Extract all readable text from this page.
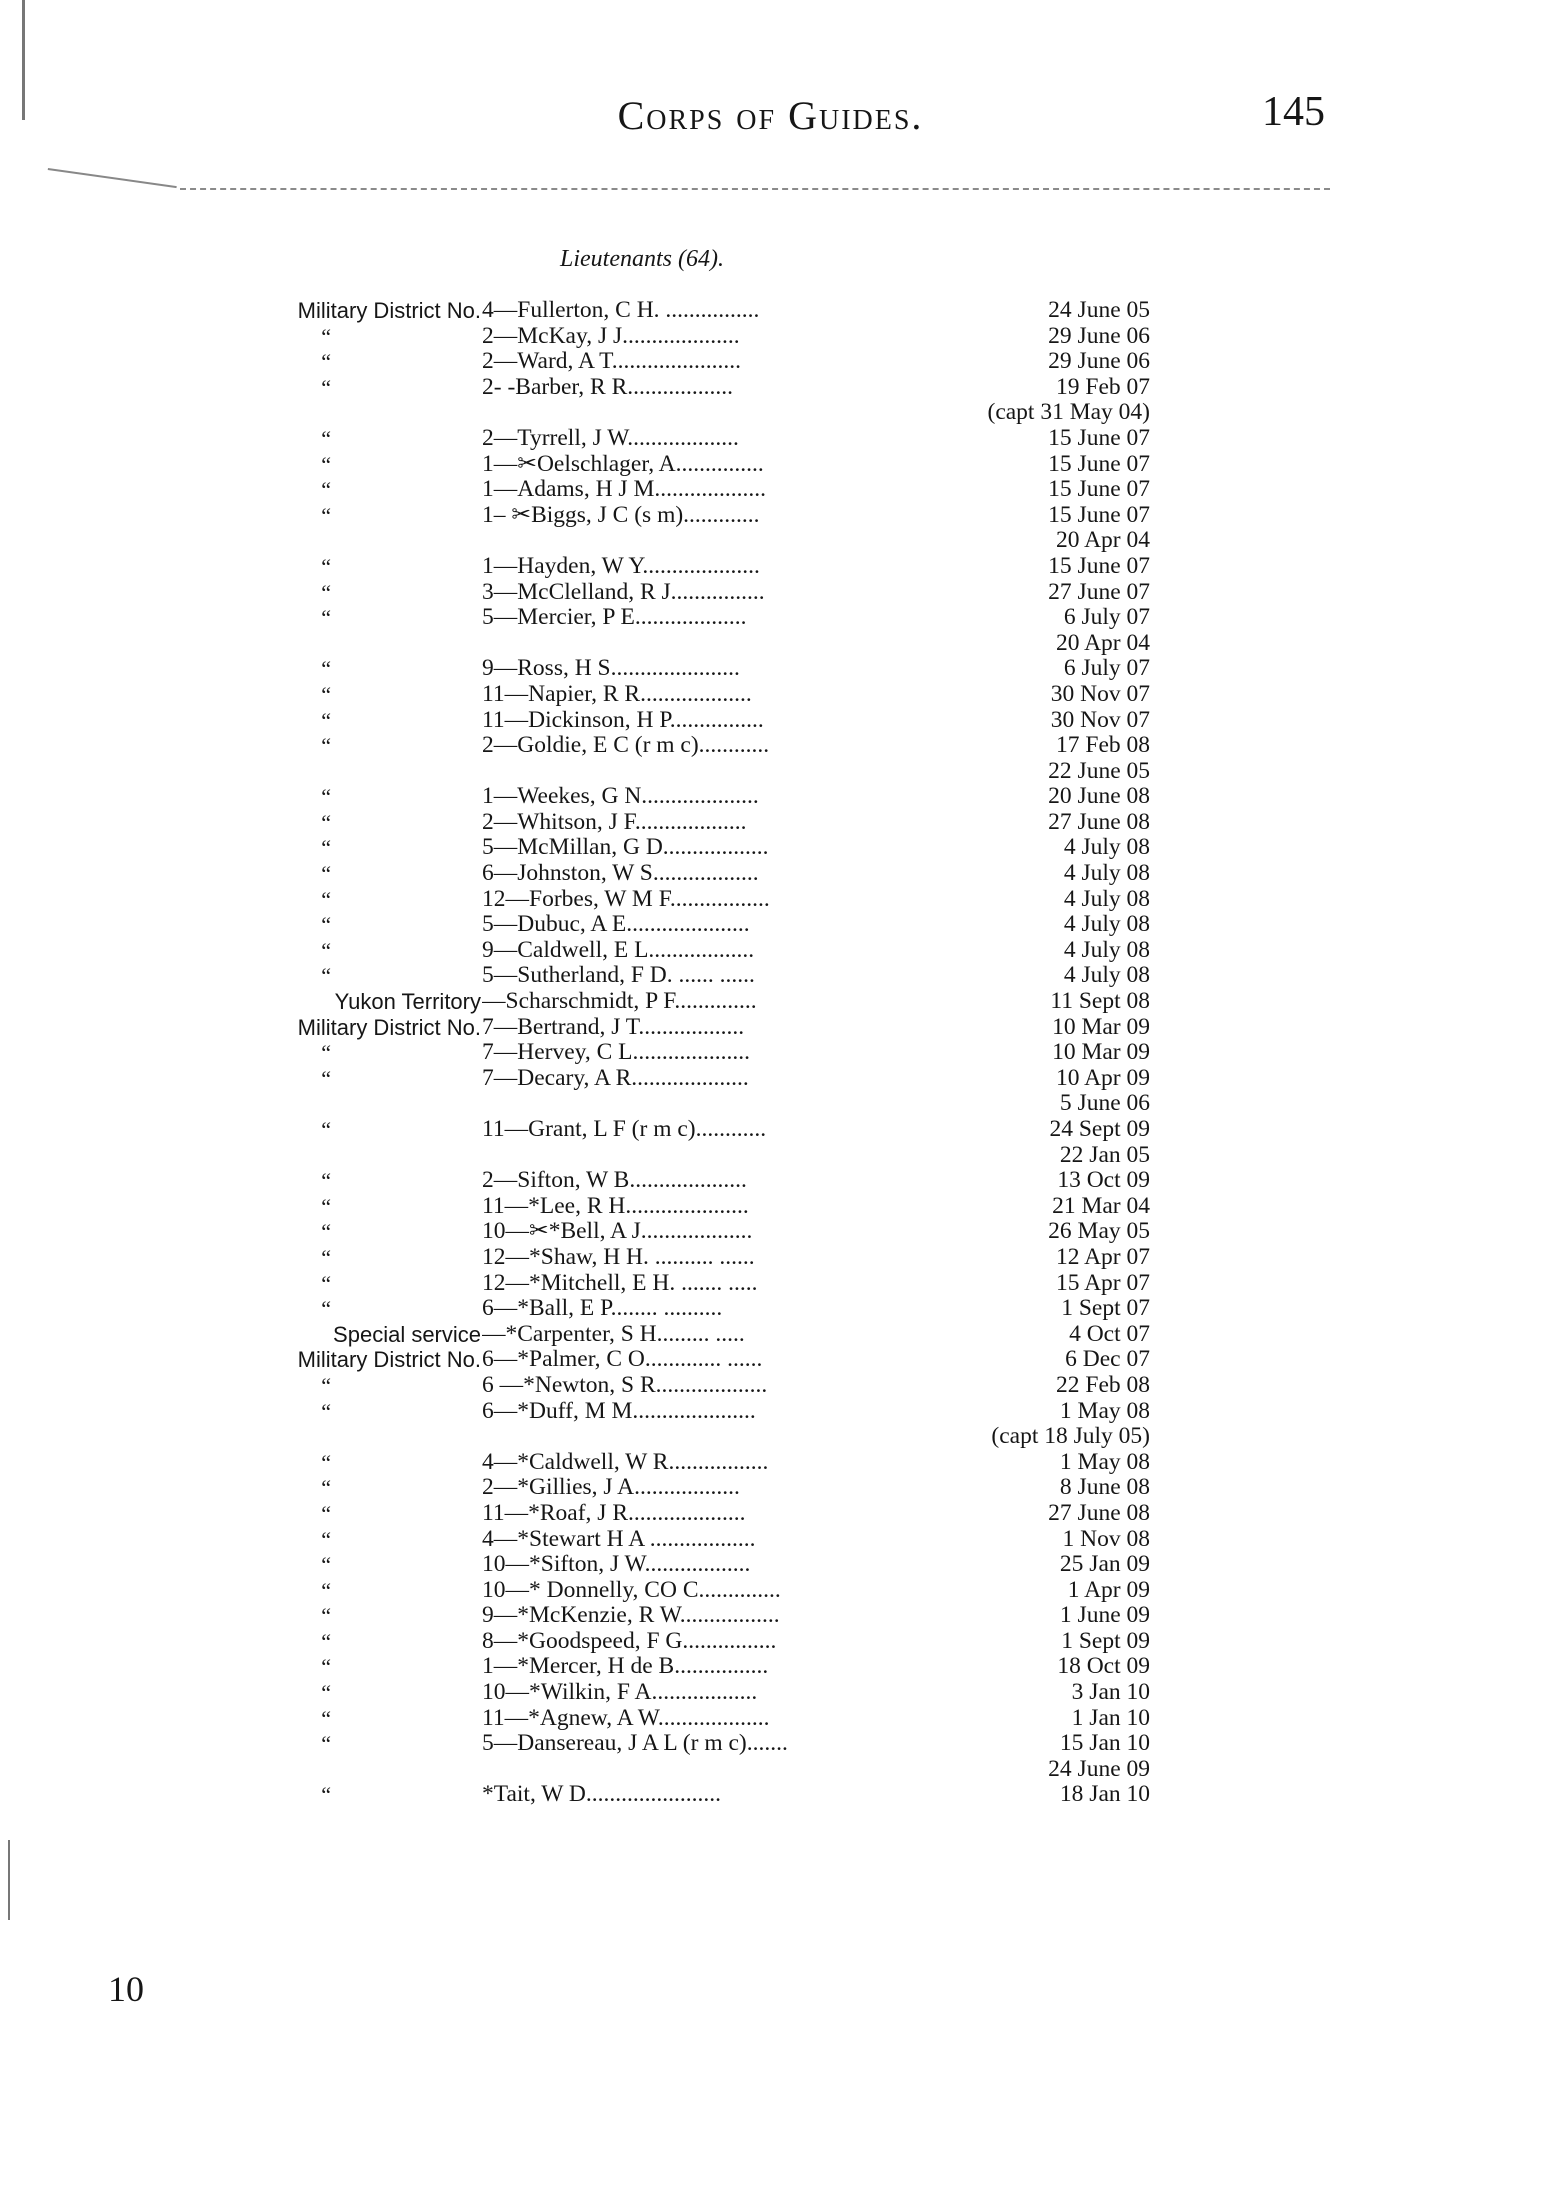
Corps of Guides.	145
Lieutenants (64).
Military District No. 4—Fullerton, C H. ................	24 June 05
“	2—McKay, J J....................	29 June 06
“	2—Ward, A T......................	29 June 06
“	2- -Barber, R R..................	19 Feb 07
(capt 31 May 04)
“	2—Tyrrell, J W...................	15 June 07
“	1—✂Oelschlager, A...............	15 June 07
“	1—Adams, H J M...................	15 June 07
“	1– ✂Biggs, J C (s m).............	15 June 07
20 Apr 04
“	1—Hayden, W Y....................	15 June 07
“	3—McClelland, R J................	27 June 07
“	5—Mercier, P E...................	6 July 07
20 Apr 04
“	9—Ross, H S......................	6 July 07
“	11—Napier, R R...................	30 Nov 07
“	11—Dickinson, H P................	30 Nov 07
“	2—Goldie, E C (r m c)............	17 Feb 08
22 June 05
“	1—Weekes, G N....................	20 June 08
“	2—Whitson, J F...................	27 June 08
“	5—McMillan, G D..................	4 July 08
“	6—Johnston, W S..................	4 July 08
“	12—Forbes, W M F.................	4 July 08
“	5—Dubuc, A E.....................	4 July 08
“	9—Caldwell, E L..................	4 July 08
“	5—Sutherland, F D. ...... ......	4 July 08
Yukon Territory —Scharschmidt, P F..............	11 Sept 08
Military District No. 7—Bertrand, J T..................	10 Mar 09
“	7—Hervey, C L....................	10 Mar 09
“	7—Decary, A R....................	10 Apr 09
5 June 06
“	11—Grant, L F (r m c)............	24 Sept 09
22 Jan 05
“	2—Sifton, W B....................	13 Oct 09
“	11—*Lee, R H.....................	21 Mar 04
“	10—✂*Bell, A J...................	26 May 05
“	12—*Shaw, H H. .......... ......	12 Apr 07
“	12—*Mitchell, E H. ....... .....	15 Apr 07
“	6—*Ball, E P........ ..........	1 Sept 07
Special service —*Carpenter, S H......... .....	4 Oct 07
Military District No. 6—*Palmer, C O............. ......	6 Dec 07
“	6 —*Newton, S R...................	22 Feb 08
“	6—*Duff, M M.....................	1 May 08
(capt 18 July 05)
“	4—*Caldwell, W R.................	1 May 08
“	2—*Gillies, J A..................	8 June 08
“	11—*Roaf, J R....................	27 June 08
“	4—*Stewart H A ..................	1 Nov 08
“	10—*Sifton, J W..................	25 Jan 09
“	10—* Donnelly, CO C..............	1 Apr 09
“	9—*McKenzie, R W.................	1 June 09
“	8—*Goodspeed, F G................	1 Sept 09
“	1—*Mercer, H de B................	18 Oct 09
“	10—*Wilkin, F A..................	3 Jan 10
“	11—*Agnew, A W...................	1 Jan 10
“	5—Dansereau, J A L (r m c).......	15 Jan 10
24 June 09
“	*Tait, W D.......................	18 Jan 10
10
